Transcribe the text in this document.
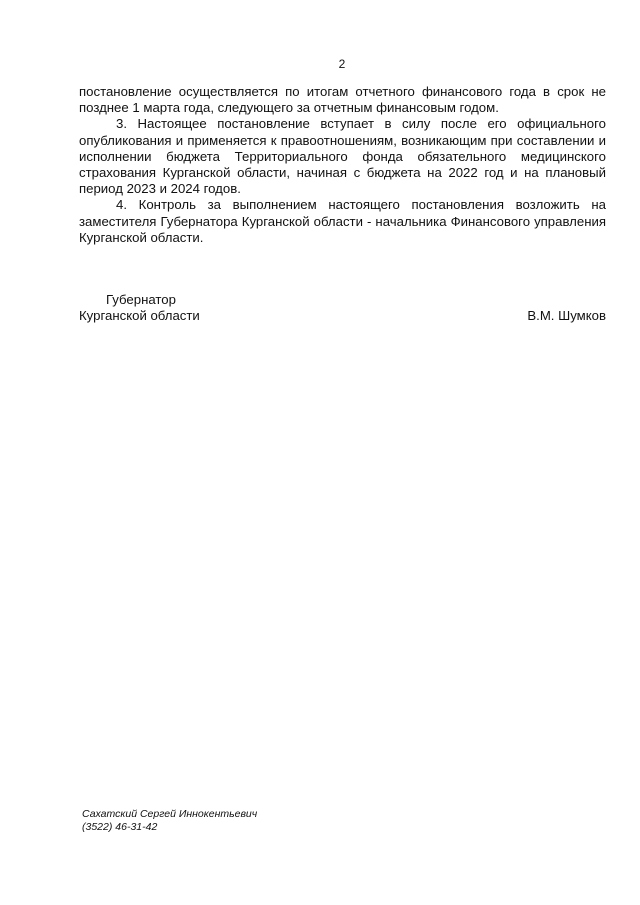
2

постановление осуществляется по итогам отчетного финансового года в срок не позднее 1 марта года, следующего за отчетным финансовым годом.

3. Настоящее постановление вступает в силу после его официального опубликования и применяется к правоотношениям, возникающим при составлении и исполнении бюджета Территориального фонда обязательного медицинского страхования Курганской области, начиная с бюджета на 2022 год и на плановый период 2023 и 2024 годов.

4. Контроль за выполнением настоящего постановления возложить на заместителя Губернатора Курганской области - начальника Финансового управления Курганской области.

Губернатор
Курганской области	В.М. Шумков
Сахатский Сергей Иннокентьевич
(3522) 46-31-42
